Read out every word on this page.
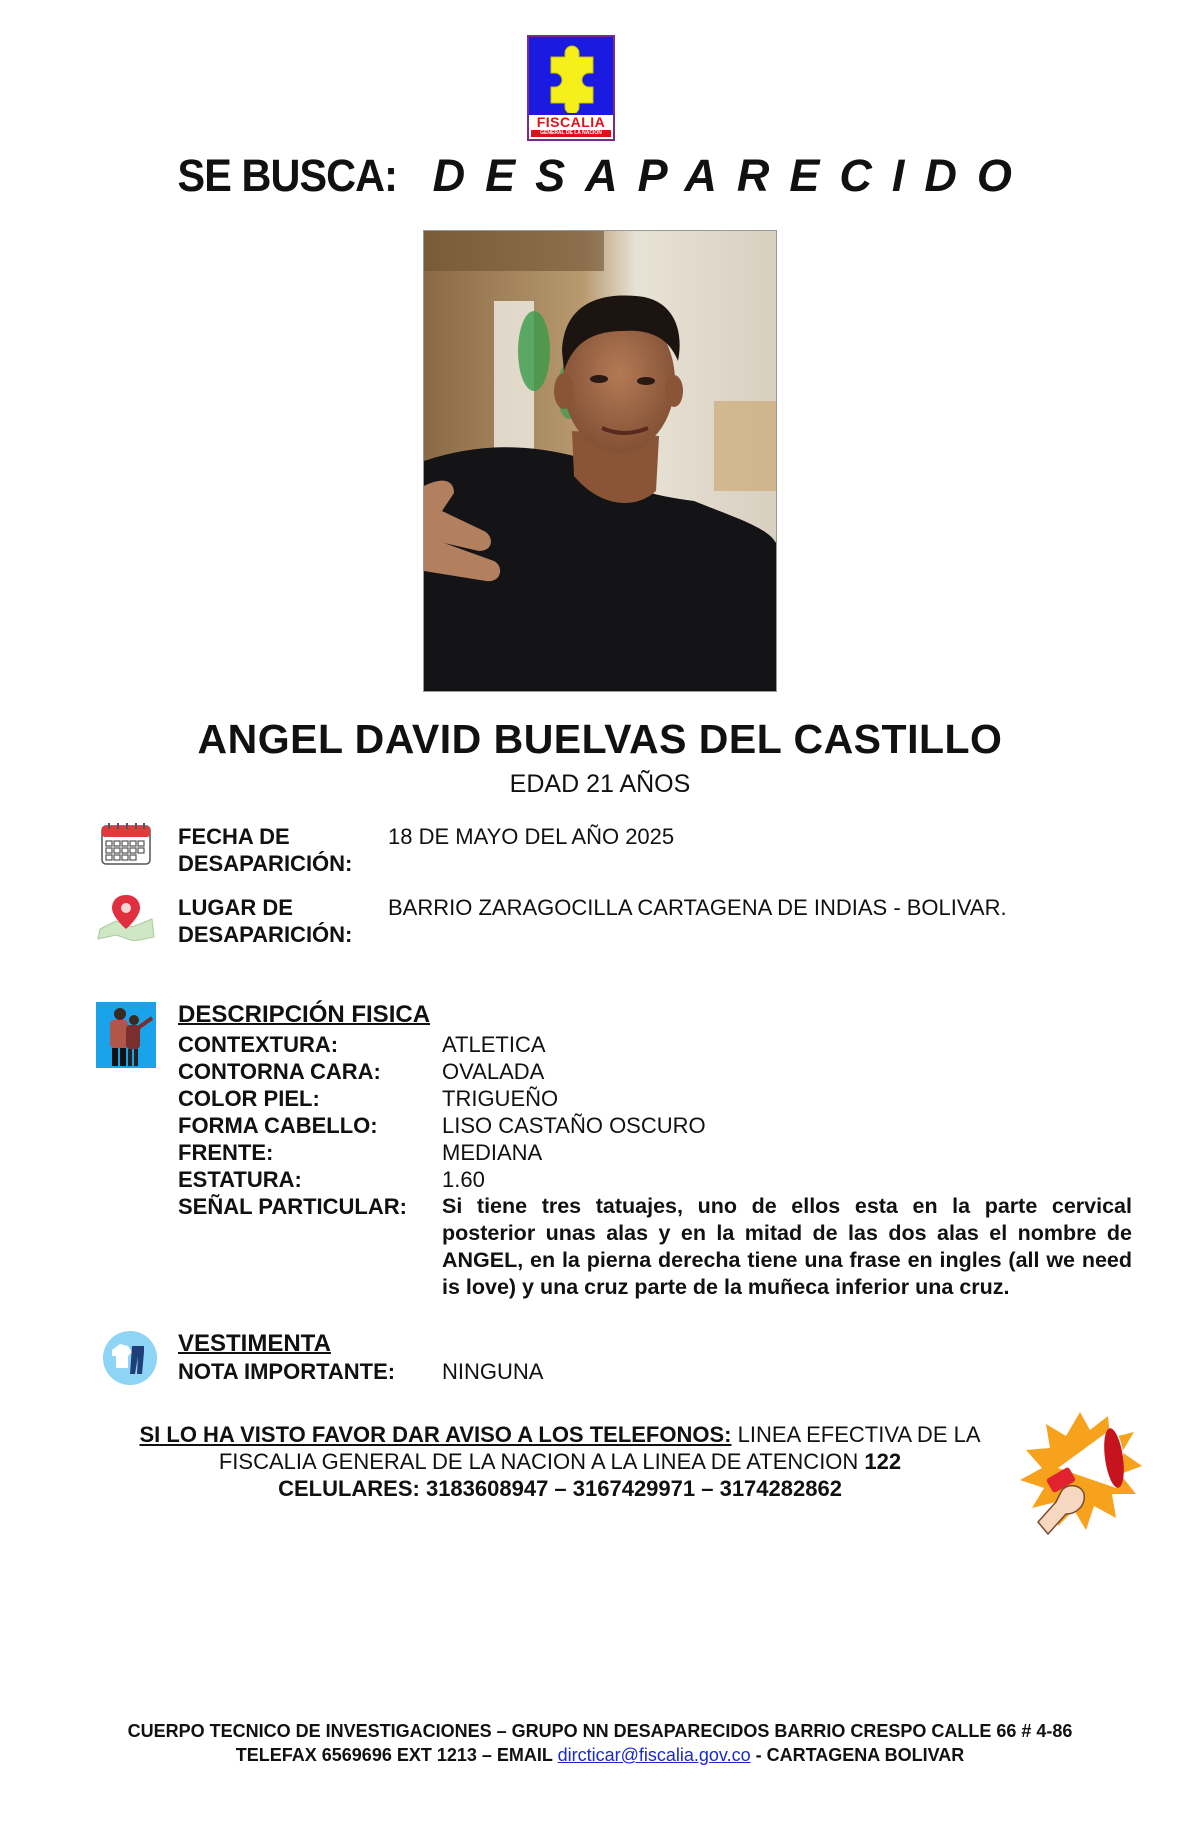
FISCALIA
GENERAL DE LA NACION
SE BUSCA: DESAPARECIDO
ANGEL DAVID BUELVAS DEL CASTILLO
EDAD 21 AÑOS
FECHA DE
DESAPARICIÓN:
18 DE MAYO DEL AÑO 2025
LUGAR DE
DESAPARICIÓN:
BARRIO ZARAGOCILLA CARTAGENA DE INDIAS - BOLIVAR.
DESCRIPCIÓN FISICA
CONTEXTURA:	ATLETICA
CONTORNA CARA:	OVALADA
COLOR PIEL:	TRIGUEÑO
FORMA CABELLO:	LISO CASTAÑO OSCURO
FRENTE:	MEDIANA
ESTATURA:	1.60
SEÑAL PARTICULAR:	Si tiene tres tatuajes, uno de ellos esta en la parte cervical posterior unas alas y en la mitad de las dos alas el nombre de ANGEL, en la pierna derecha tiene una frase en ingles (all we need is love) y una cruz parte de la muñeca inferior una cruz.
VESTIMENTA
NOTA IMPORTANTE:	NINGUNA
SI LO HA VISTO FAVOR DAR AVISO A LOS TELEFONOS: LINEA EFECTIVA DE LA
FISCALIA GENERAL DE LA NACION A LA LINEA DE ATENCION 122
CELULARES: 3183608947 – 3167429971 – 3174282862
CUERPO TECNICO DE INVESTIGACIONES – GRUPO NN DESAPARECIDOS BARRIO CRESPO CALLE 66 # 4-86
TELEFAX 6569696 EXT 1213 – EMAIL dircticar@fiscalia.gov.co - CARTAGENA BOLIVAR
